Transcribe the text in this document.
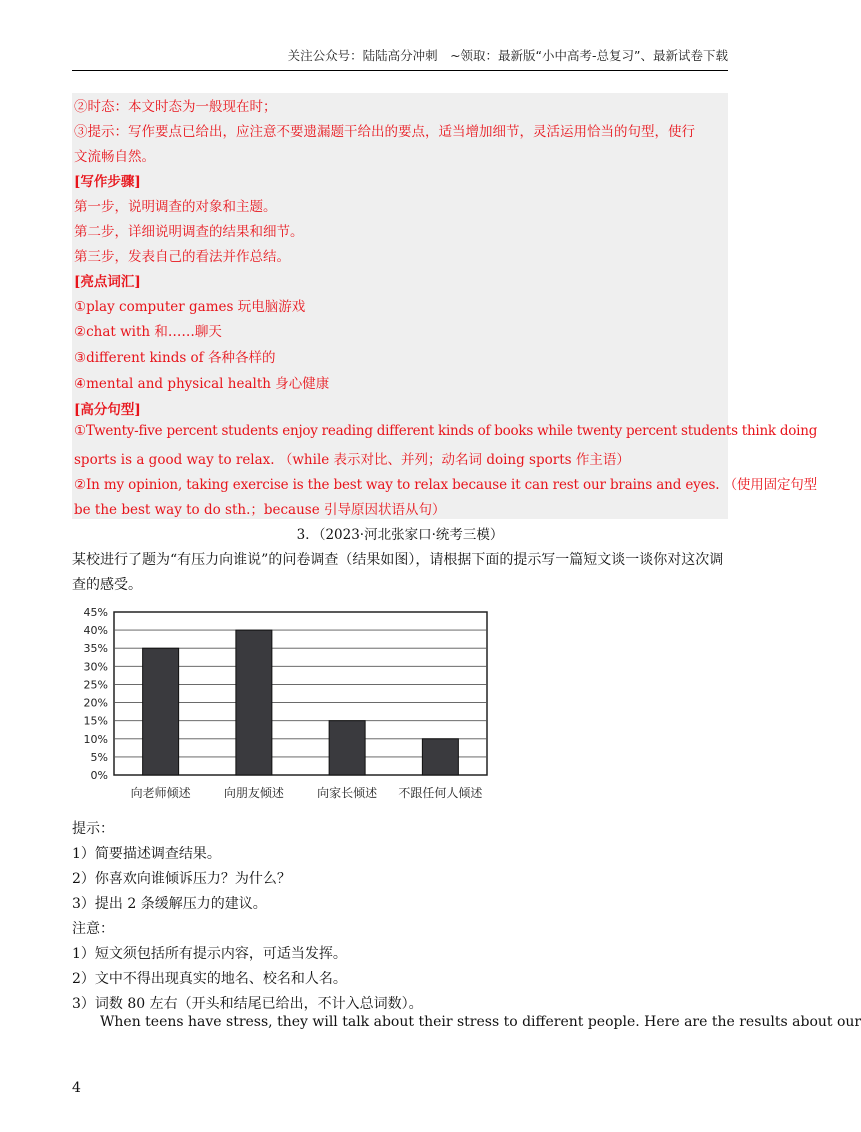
关注公众号：陆陆高分冲刺　~领取：最新版“小中高考-总复习”、最新试卷下载
②时态：本文时态为一般现在时；
③提示：写作要点已给出，应注意不要遗漏题干给出的要点，适当增加细节，灵活运用恰当的句型，使行
文流畅自然。
[写作步骤]
第一步，说明调查的对象和主题。
第二步，详细说明调查的结果和细节。
第三步，发表自己的看法并作总结。
[亮点词汇]
①play computer games 玩电脑游戏
②chat with 和……聊天
③different kinds of 各种各样的
④mental and physical health 身心健康
[高分句型]
①Twenty-five percent students enjoy reading different kinds of books while twenty percent students think doing
sports is a good way to relax. （while 表示对比、并列；动名词 doing sports 作主语）
②In my opinion, taking exercise is the best way to relax because it can rest our brains and eyes. （使用固定句型
be the best way to do sth.；because 引导原因状语从句）
3．（2023·河北张家口·统考三模）
某校进行了题为“有压力向谁说”的问卷调查（结果如图），请根据下面的提示写一篇短文谈一谈你对这次调查的感受。
0%
5%
10%
15%
20%
25%
30%
35%
40%
45%
向老师倾述	向朋友倾述	向家长倾述 不跟任何人倾述
提示：
1）简要描述调查结果。
2）你喜欢向谁倾诉压力？为什么？
3）提出 2 条缓解压力的建议。
注意：
1）短文须包括所有提示内容，可适当发挥。
2）文中不得出现真实的地名、校名和人名。
3）词数 80 左右（开头和结尾已给出，不计入总词数）。
When teens have stress, they will talk about their stress to different people. Here are the results about our
4
